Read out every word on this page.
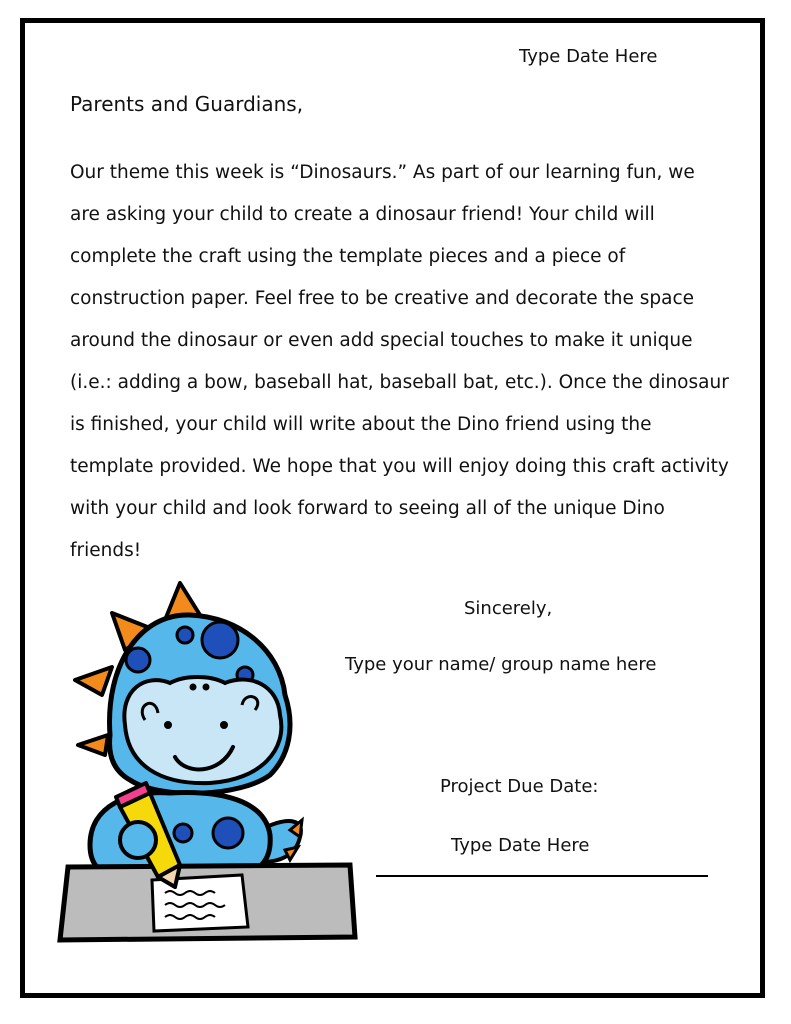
Type Date Here
Parents and Guardians,

Our theme this week is “Dinosaurs.” As part of our learning fun, we are asking your child to create a dinosaur friend! Your child will complete the craft using the template pieces and a piece of construction paper. Feel free to be creative and decorate the space around the dinosaur or even add special touches to make it unique (i.e.: adding a bow, baseball hat, baseball bat, etc.). Once the dinosaur is finished, your child will write about the Dino friend using the template provided. We hope that you will enjoy doing this craft activity with your child and look forward to seeing all of the unique Dino friends!

Sincerely,
Type your name/ group name here
Project Due Date:
Type Date Here
